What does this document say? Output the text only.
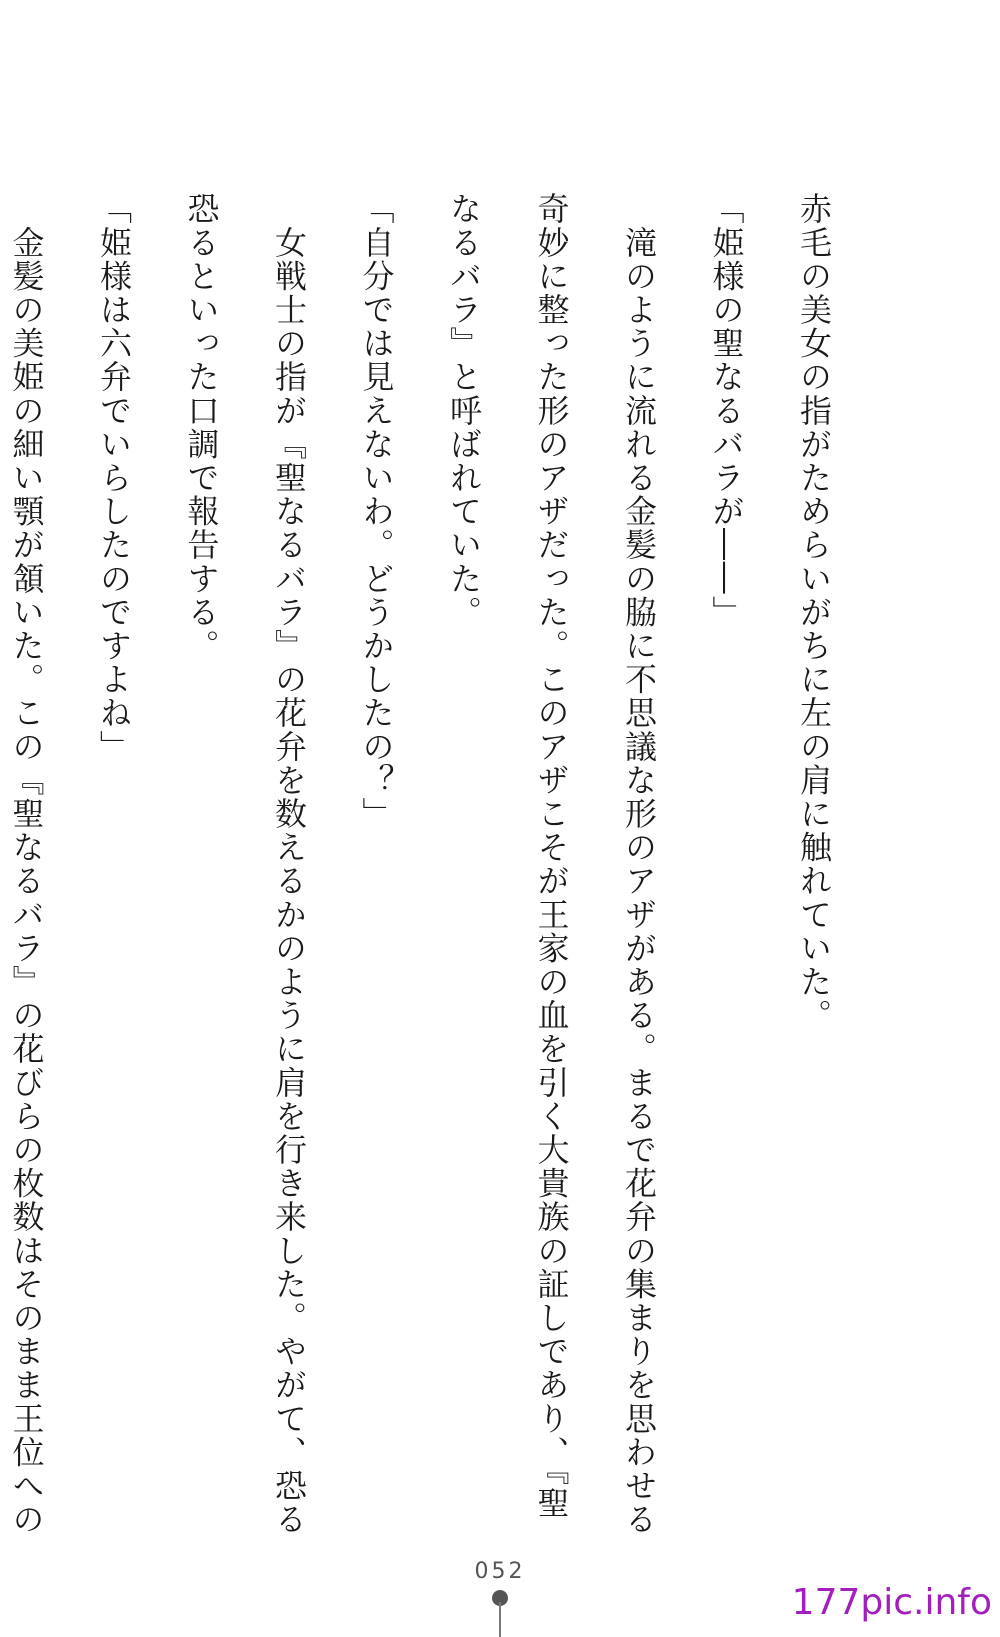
赤毛の美女の指がためらいがちに左の肩に触れていた。
「姫様の聖なるバラが――」
　滝のように流れる金髪の脇に不思議な形のアザがある。まるで花弁の集まりを思わせる
奇妙に整った形のアザだった。このアザこそが王家の血を引く大貴族の証しであり、『聖
なるバラ』と呼ばれていた。
「自分では見えないわ。どうかしたの？」
　女戦士の指が『聖なるバラ』の花弁を数えるかのように肩を行き来した。やがて、恐る
恐るといった口調で報告する。
「姫様は六弁でいらしたのですよね」
　金髪の美姫の細い顎が頷いた。この『聖なるバラ』の花びらの枚数はそのまま王位への
052
177pic.info
